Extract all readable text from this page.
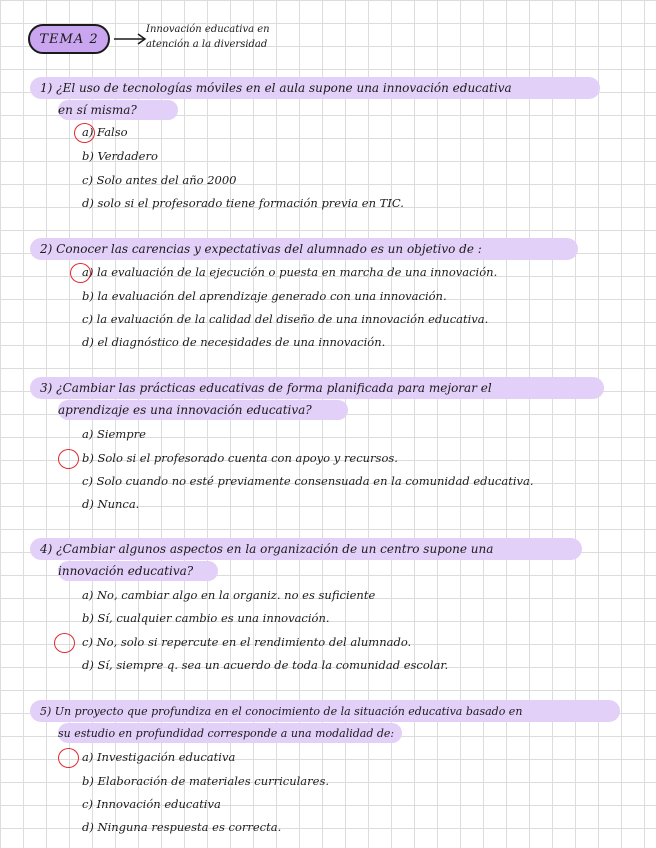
TEMA 2
Innovación educativa en
atención a la diversidad
1) ¿El uso de tecnologías móviles en el aula supone una innovación educativa
en sí misma?
a) Falso
b) Verdadero
c) Solo antes del año 2000
d) solo si el profesorado tiene formación previa en TIC.
2) Conocer las carencias y expectativas del alumnado es un objetivo de :
a) la evaluación de la ejecución o puesta en marcha de una innovación.
b) la evaluación del aprendizaje generado con una innovación.
c) la evaluación de la calidad del diseño de una innovación educativa.
d) el diagnóstico de necesidades de una innovación.
3) ¿Cambiar las prácticas educativas de forma planificada para mejorar el
aprendizaje es una innovación educativa?
a) Siempre
b) Solo si el profesorado cuenta con apoyo y recursos.
c) Solo cuando no esté previamente consensuada en la comunidad educativa.
d) Nunca.
4) ¿Cambiar algunos aspectos en la organización de un centro supone una
innovación educativa?
a) No, cambiar algo en la organiz. no es suficiente
b) Sí, cualquier cambio es una innovación.
c) No, solo si repercute en el rendimiento del alumnado.
d) Sí, siempre q. sea un acuerdo de toda la comunidad escolar.
5) Un proyecto que profundiza en el conocimiento de la situación educativa basado en
su estudio en profundidad corresponde a una modalidad de:
a) Investigación educativa
b) Elaboración de materiales curriculares.
c) Innovación educativa
d) Ninguna respuesta es correcta.
